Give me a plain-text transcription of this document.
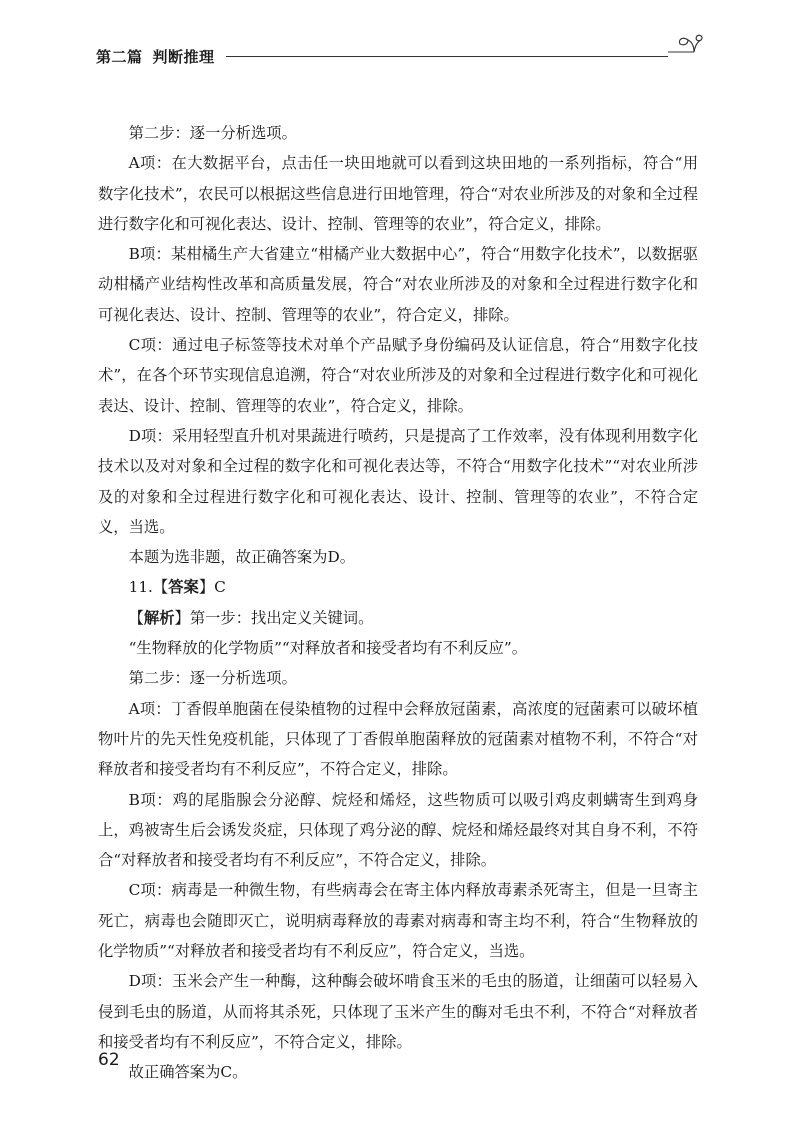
第二篇 判断推理

第二步：逐一分析选项。

A项：在大数据平台，点击任一块田地就可以看到这块田地的一系列指标，符合“用数字化技术”，农民可以根据这些信息进行田地管理，符合“对农业所涉及的对象和全过程进行数字化和可视化表达、设计、控制、管理等的农业”，符合定义，排除。

B项：某柑橘生产大省建立“柑橘产业大数据中心”，符合“用数字化技术”，以数据驱动柑橘产业结构性改革和高质量发展，符合“对农业所涉及的对象和全过程进行数字化和可视化表达、设计、控制、管理等的农业”，符合定义，排除。

C项：通过电子标签等技术对单个产品赋予身份编码及认证信息，符合“用数字化技术”，在各个环节实现信息追溯，符合“对农业所涉及的对象和全过程进行数字化和可视化表达、设计、控制、管理等的农业”，符合定义，排除。

D项：采用轻型直升机对果蔬进行喷药，只是提高了工作效率，没有体现利用数字化技术以及对对象和全过程的数字化和可视化表达等，不符合“用数字化技术”“对农业所涉及的对象和全过程进行数字化和可视化表达、设计、控制、管理等的农业”，不符合定义，当选。

本题为选非题，故正确答案为D。

11.【答案】C

【解析】第一步：找出定义关键词。

“生物释放的化学物质”“对释放者和接受者均有不利反应”。

第二步：逐一分析选项。

A项：丁香假单胞菌在侵染植物的过程中会释放冠菌素，高浓度的冠菌素可以破坏植物叶片的先天性免疫机能，只体现了丁香假单胞菌释放的冠菌素对植物不利，不符合“对释放者和接受者均有不利反应”，不符合定义，排除。

B项：鸡的尾脂腺会分泌醇、烷烃和烯烃，这些物质可以吸引鸡皮刺螨寄生到鸡身上，鸡被寄生后会诱发炎症，只体现了鸡分泌的醇、烷烃和烯烃最终对其自身不利，不符合“对释放者和接受者均有不利反应”，不符合定义，排除。

C项：病毒是一种微生物，有些病毒会在寄主体内释放毒素杀死寄主，但是一旦寄主死亡，病毒也会随即灭亡，说明病毒释放的毒素对病毒和寄主均不利，符合“生物释放的化学物质”“对释放者和接受者均有不利反应”，符合定义，当选。

D项：玉米会产生一种酶，这种酶会破坏啃食玉米的毛虫的肠道，让细菌可以轻易入侵到毛虫的肠道，从而将其杀死，只体现了玉米产生的酶对毛虫不利，不符合“对释放者和接受者均有不利反应”，不符合定义，排除。

故正确答案为C。

62
